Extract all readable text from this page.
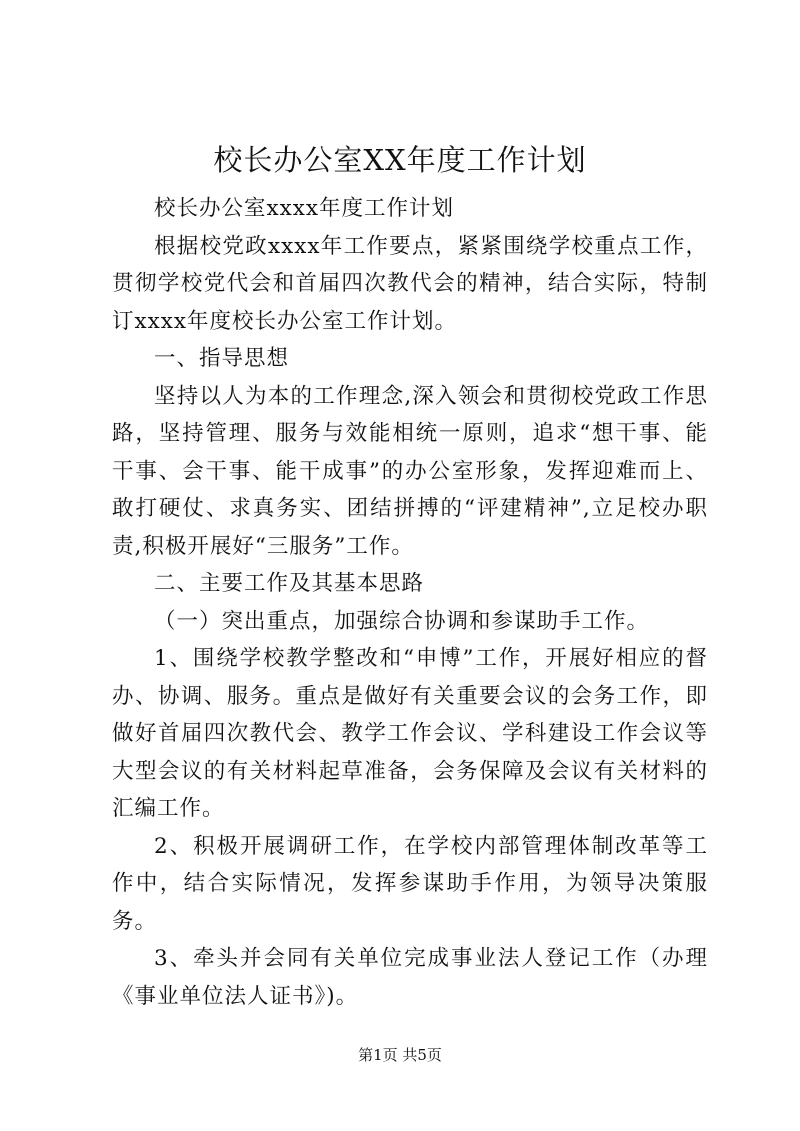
校长办公室XX年度工作计划

校长办公室xxxx年度工作计划

根据校党政xxxx年工作要点，紧紧围绕学校重点工作，贯彻学校党代会和首届四次教代会的精神，结合实际，特制订xxxx年度校长办公室工作计划。

一、指导思想

坚持以人为本的工作理念,深入领会和贯彻校党政工作思路，坚持管理、服务与效能相统一原则，追求“想干事、能干事、会干事、能干成事”的办公室形象，发挥迎难而上、敢打硬仗、求真务实、团结拼搏的“评建精神”,立足校办职责,积极开展好“三服务”工作。

二、主要工作及其基本思路

（一）突出重点，加强综合协调和参谋助手工作。

1、围绕学校教学整改和“申博”工作，开展好相应的督办、协调、服务。重点是做好有关重要会议的会务工作，即做好首届四次教代会、教学工作会议、学科建设工作会议等大型会议的有关材料起草准备，会务保障及会议有关材料的汇编工作。

2、积极开展调研工作，在学校内部管理体制改革等工作中，结合实际情况，发挥参谋助手作用，为领导决策服务。

3、牵头并会同有关单位完成事业法人登记工作（办理《事业单位法人证书》)。

第1页 共5页
